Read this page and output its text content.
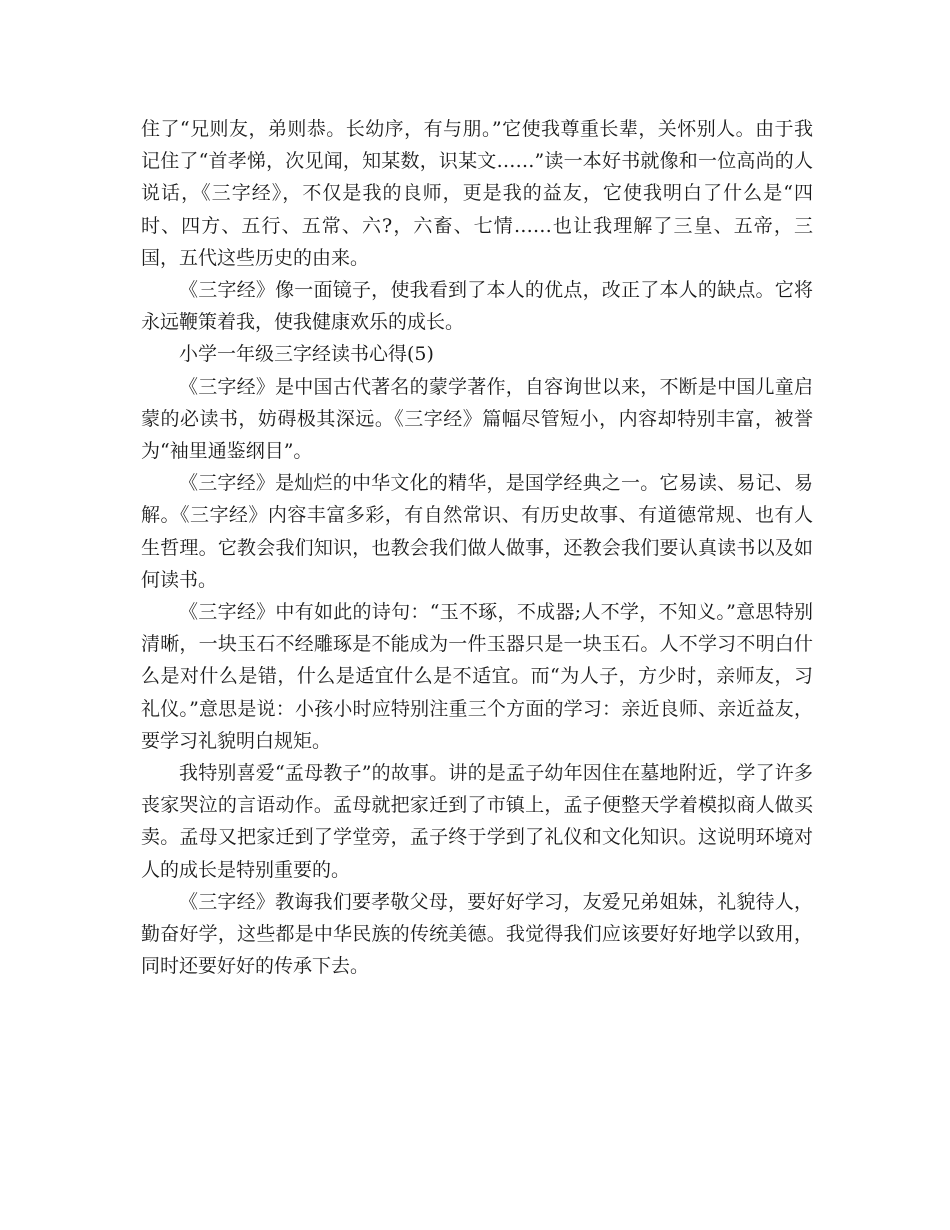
住了“兄则友，弟则恭。长幼序，有与朋。”它使我尊重长辈，关怀别人。由于我记住了“首孝悌，次见闻，知某数，识某文……”读一本好书就像和一位高尚的人说话，《三字经》，不仅是我的良师，更是我的益友，它使我明白了什么是“四时、四方、五行、五常、六?，六畜、七情……也让我理解了三皇、五帝，三国，五代这些历史的由来。

《三字经》像一面镜子，使我看到了本人的优点，改正了本人的缺点。它将永远鞭策着我，使我健康欢乐的成长。

小学一年级三字经读书心得(5)

《三字经》是中国古代著名的蒙学著作，自容询世以来，不断是中国儿童启蒙的必读书，妨碍极其深远。《三字经》篇幅尽管短小，内容却特别丰富，被誉为“袖里通鉴纲目”。

《三字经》是灿烂的中华文化的精华，是国学经典之一。它易读、易记、易解。《三字经》内容丰富多彩，有自然常识、有历史故事、有道德常规、也有人生哲理。它教会我们知识，也教会我们做人做事，还教会我们要认真读书以及如何读书。

《三字经》中有如此的诗句：“玉不琢，不成器;人不学，不知义。”意思特别清晰，一块玉石不经雕琢是不能成为一件玉器只是一块玉石。人不学习不明白什么是对什么是错，什么是适宜什么是不适宜。而“为人子，方少时，亲师友，习礼仪。”意思是说：小孩小时应特别注重三个方面的学习：亲近良师、亲近益友，要学习礼貌明白规矩。

我特别喜爱“孟母教子”的故事。讲的是孟子幼年因住在墓地附近，学了许多丧家哭泣的言语动作。孟母就把家迁到了市镇上，孟子便整天学着模拟商人做买卖。孟母又把家迁到了学堂旁，孟子终于学到了礼仪和文化知识。这说明环境对人的成长是特别重要的。

《三字经》教诲我们要孝敬父母，要好好学习，友爱兄弟姐妹，礼貌待人，勤奋好学，这些都是中华民族的传统美德。我觉得我们应该要好好地学以致用，同时还要好好的传承下去。
